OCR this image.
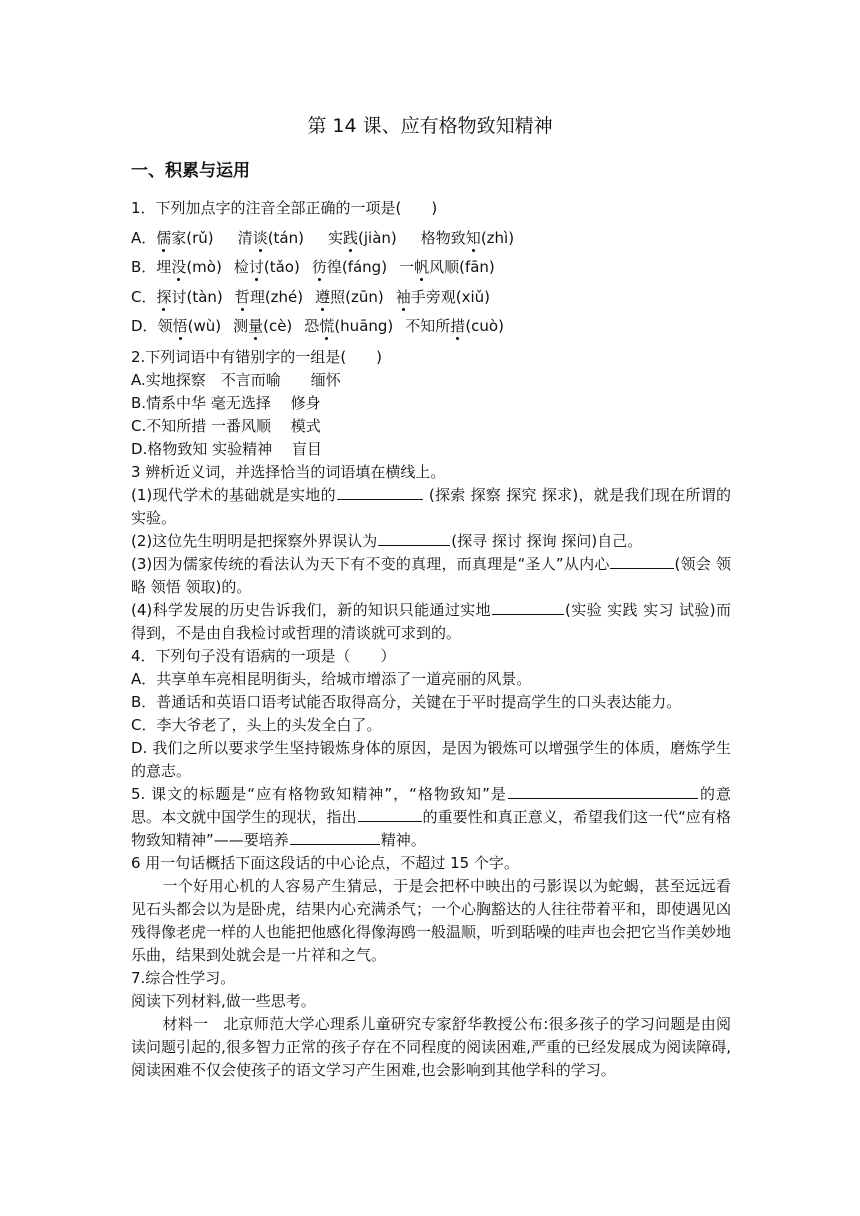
第 14 课、应有格物致知精神
一、积累与运用

1．下列加点字的注音全部正确的一项是(　　)

A．儒家(rǔ) 清谈(tán) 实践(jiàn) 格物致知(zhì)

B．埋没(mò) 检讨(tǎo) 彷徨(fáng) 一帆风顺(fān)

C．探讨(tàn) 哲理(zhé) 遵照(zūn) 袖手旁观(xiǔ)

D．领悟(wù) 测量(cè) 恐慌(huāng) 不知所措(cuò)

2.下列词语中有错别字的一组是(　　)

A.实地探察　不言而喻　　缅怀

B.情系中华 毫无选择　 修身

C.不知所措 一番风顺　 模式

D.格物致知 实验精神　 盲目

3 辨析近义词，并选择恰当的词语填在横线上。

(1)现代学术的基础就是实地的	(探索 探察 探究 探求)，就是我们现在所谓的实验。

(2)这位先生明明是把探察外界误认为	(探寻 探讨 探询 探问)自己。

(3)因为儒家传统的看法认为天下有不变的真理，而真理是“圣人”从内心	(领会 领略 领悟 领取)的。

(4)科学发展的历史告诉我们，新的知识只能通过实地	(实验 实践 实习 试验)而得到，不是由自我检讨或哲理的清谈就可求到的。

4．下列句子没有语病的一项是（　　）

A．共享单车亮相昆明街头，给城市增添了一道亮丽的风景。

B．普通话和英语口语考试能否取得高分，关键在于平时提高学生的口头表达能力。

C．李大爷老了，头上的头发全白了。

D. 我们之所以要求学生坚持锻炼身体的原因，是因为锻炼可以增强学生的体质，磨炼学生的意志。

5. 课文的标题是“应有格物致知精神”，“格物致知”是	的意思。本文就中国学生的现状，指出	的重要性和真正意义，希望我们这一代“应有格物致知精神”——要培养	精神。

6 用一句话概括下面这段话的中心论点，不超过 15 个字。

一个好用心机的人容易产生猜忌，于是会把杯中映出的弓影误以为蛇蝎，甚至远远看见石头都会以为是卧虎，结果内心充满杀气；一个心胸豁达的人往往带着平和，即使遇见凶残得像老虎一样的人也能把他感化得像海鸥一般温顺，听到聒噪的哇声也会把它当作美妙地乐曲，结果到处就会是一片祥和之气。

7.综合性学习。

阅读下列材料,做一些思考。

材料一　北京师范大学心理系儿童研究专家舒华教授公布:很多孩子的学习问题是由阅读问题引起的,很多智力正常的孩子存在不同程度的阅读困难,严重的已经发展成为阅读障碍,阅读困难不仅会使孩子的语文学习产生困难,也会影响到其他学科的学习。
